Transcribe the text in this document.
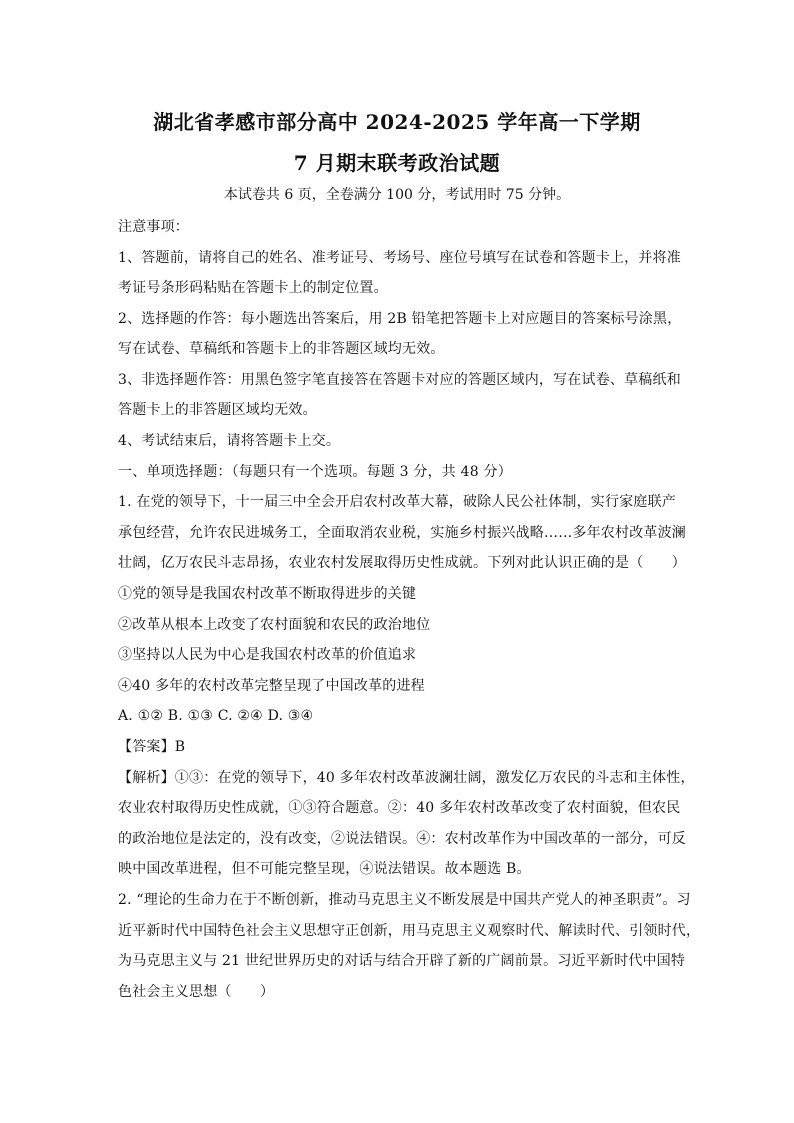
湖北省孝感市部分高中 2024-2025 学年高一下学期
7 月期末联考政治试题
本试卷共 6 页，全卷满分 100 分，考试用时 75 分钟。
注意事项：
1、答题前，请将自己的姓名、准考证号、考场号、座位号填写在试卷和答题卡上，并将准
考证号条形码粘贴在答题卡上的制定位置。
2、选择题的作答：每小题选出答案后，用 2B 铅笔把答题卡上对应题目的答案标号涂黑，
写在试卷、草稿纸和答题卡上的非答题区域均无效。
3、非选择题作答：用黑色签字笔直接答在答题卡对应的答题区域内，写在试卷、草稿纸和
答题卡上的非答题区域均无效。
4、考试结束后，请将答题卡上交。
一、单项选择题：（每题只有一个选项。每题 3 分，共 48 分）
1. 在党的领导下，十一届三中全会开启农村改革大幕，破除人民公社体制，实行家庭联产
承包经营，允许农民进城务工，全面取消农业税，实施乡村振兴战略……多年农村改革波澜
壮阔，亿万农民斗志昂扬，农业农村发展取得历史性成就。下列对此认识正确的是（　　）
①党的领导是我国农村改革不断取得进步的关键
②改革从根本上改变了农村面貌和农民的政治地位
③坚持以人民为中心是我国农村改革的价值追求
④40 多年的农村改革完整呈现了中国改革的进程
A. ①② B. ①③ C. ②④ D. ③④
【答案】B
【解析】①③：在党的领导下，40 多年农村改革波澜壮阔，激发亿万农民的斗志和主体性，
农业农村取得历史性成就，①③符合题意。②：40 多年农村改革改变了农村面貌，但农民
的政治地位是法定的，没有改变，②说法错误。④：农村改革作为中国改革的一部分，可反
映中国改革进程，但不可能完整呈现，④说法错误。故本题选 B。
2. “理论的生命力在于不断创新，推动马克思主义不断发展是中国共产党人的神圣职责”。习
近平新时代中国特色社会主义思想守正创新，用马克思主义观察时代、解读时代、引领时代，
为马克思主义与 21 世纪世界历史的对话与结合开辟了新的广阔前景。习近平新时代中国特
色社会主义思想（　　）
